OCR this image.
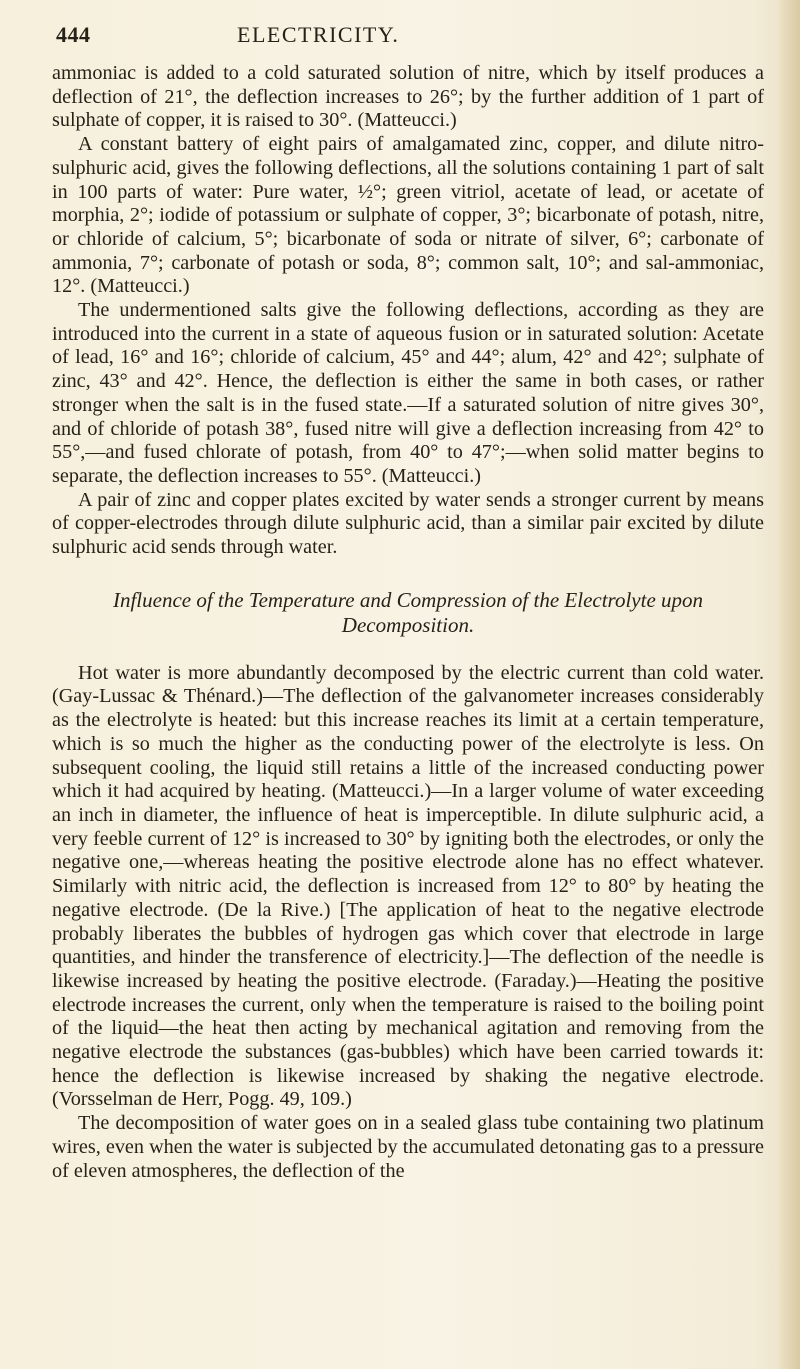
444	ELECTRICITY.

ammoniac is added to a cold saturated solution of nitre, which by itself produces a deflection of 21°, the deflection increases to 26°; by the further addition of 1 part of sulphate of copper, it is raised to 30°. (Matteucci.)

A constant battery of eight pairs of amalgamated zinc, copper, and dilute nitro-sulphuric acid, gives the following deflections, all the solutions containing 1 part of salt in 100 parts of water: Pure water, ½°; green vitriol, acetate of lead, or acetate of morphia, 2°; iodide of potassium or sulphate of copper, 3°; bicarbonate of potash, nitre, or chloride of calcium, 5°; bicarbonate of soda or nitrate of silver, 6°; carbonate of ammonia, 7°; carbonate of potash or soda, 8°; common salt, 10°; and sal-ammoniac, 12°. (Matteucci.)

The undermentioned salts give the following deflections, according as they are introduced into the current in a state of aqueous fusion or in saturated solution: Acetate of lead, 16° and 16°; chloride of calcium, 45° and 44°; alum, 42° and 42°; sulphate of zinc, 43° and 42°. Hence, the deflection is either the same in both cases, or rather stronger when the salt is in the fused state.—If a saturated solution of nitre gives 30°, and of chloride of potash 38°, fused nitre will give a deflection increasing from 42° to 55°,—and fused chlorate of potash, from 40° to 47°;—when solid matter begins to separate, the deflection increases to 55°. (Matteucci.)

A pair of zinc and copper plates excited by water sends a stronger current by means of copper-electrodes through dilute sulphuric acid, than a similar pair excited by dilute sulphuric acid sends through water.

Influence of the Temperature and Compression of the Electrolyte upon
Decomposition.

Hot water is more abundantly decomposed by the electric current than cold water. (Gay-Lussac & Thénard.)—The deflection of the galvanometer increases considerably as the electrolyte is heated: but this increase reaches its limit at a certain temperature, which is so much the higher as the conducting power of the electrolyte is less. On subsequent cooling, the liquid still retains a little of the increased conducting power which it had acquired by heating. (Matteucci.)—In a larger volume of water exceeding an inch in diameter, the influence of heat is imperceptible. In dilute sulphuric acid, a very feeble current of 12° is increased to 30° by igniting both the electrodes, or only the negative one,—whereas heating the positive electrode alone has no effect whatever. Similarly with nitric acid, the deflection is increased from 12° to 80° by heating the negative electrode. (De la Rive.) [The application of heat to the negative electrode probably liberates the bubbles of hydrogen gas which cover that electrode in large quantities, and hinder the transference of electricity.]—The deflection of the needle is likewise increased by heating the positive electrode. (Faraday.)—Heating the positive electrode increases the current, only when the temperature is raised to the boiling point of the liquid—the heat then acting by mechanical agitation and removing from the negative electrode the substances (gas-bubbles) which have been carried towards it: hence the deflection is likewise increased by shaking the negative electrode. (Vorsselman de Herr, Pogg. 49, 109.)

The decomposition of water goes on in a sealed glass tube containing two platinum wires, even when the water is subjected by the accumulated detonating gas to a pressure of eleven atmospheres, the deflection of the
